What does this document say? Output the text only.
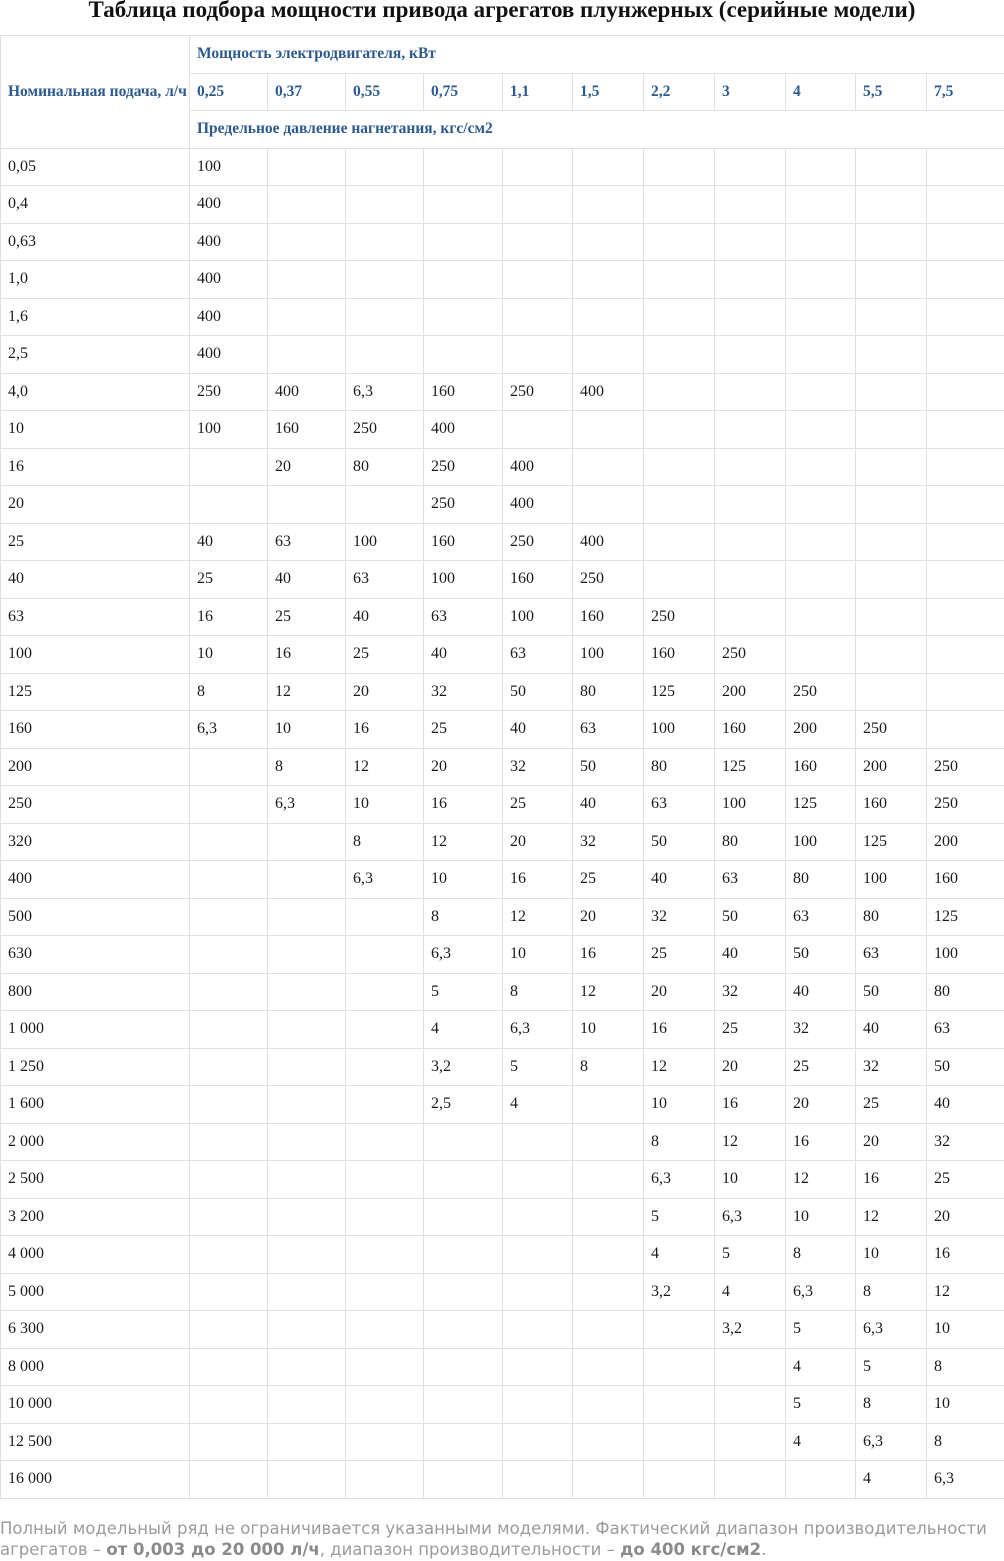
Таблица подбора мощности привода агрегатов плунжерных (серийные модели)
Номинальная подача, л/ч	Мощность электродвигателя, кВт										
	0,25	0,37	0,55	0,75	1,1	1,5	2,2	3	4	5,5	7,5
	Предельное давление нагнетания, кгс/см2										
0,05	100										
0,4	400										
0,63	400										
1,0	400										
1,6	400										
2,5	400										
4,0	250	400	6,3	160	250	400					
10	100	160	250	400							
16		20	80	250	400						
20				250	400						
25	40	63	100	160	250	400					
40	25	40	63	100	160	250					
63	16	25	40	63	100	160	250				
100	10	16	25	40	63	100	160	250			
125	8	12	20	32	50	80	125	200	250		
160	6,3	10	16	25	40	63	100	160	200	250	
200		8	12	20	32	50	80	125	160	200	250
250		6,3	10	16	25	40	63	100	125	160	250
320			8	12	20	32	50	80	100	125	200
400			6,3	10	16	25	40	63	80	100	160
500				8	12	20	32	50	63	80	125
630				6,3	10	16	25	40	50	63	100
800				5	8	12	20	32	40	50	80
1 000				4	6,3	10	16	25	32	40	63
1 250				3,2	5	8	12	20	25	32	50
1 600				2,5	4		10	16	20	25	40
2 000							8	12	16	20	32
2 500							6,3	10	12	16	25
3 200							5	6,3	10	12	20
4 000							4	5	8	10	16
5 000							3,2	4	6,3	8	12
6 300								3,2	5	6,3	10
8 000									4	5	8
10 000									5	8	10
12 500									4	6,3	8
16 000										4	6,3
Полный модельный ряд не ограничивается указанными моделями. Фактический диапазон производительности агрегатов – от 0,003 до 20 000 л/ч, диапазон производительности – до 400 кгс/см2.
